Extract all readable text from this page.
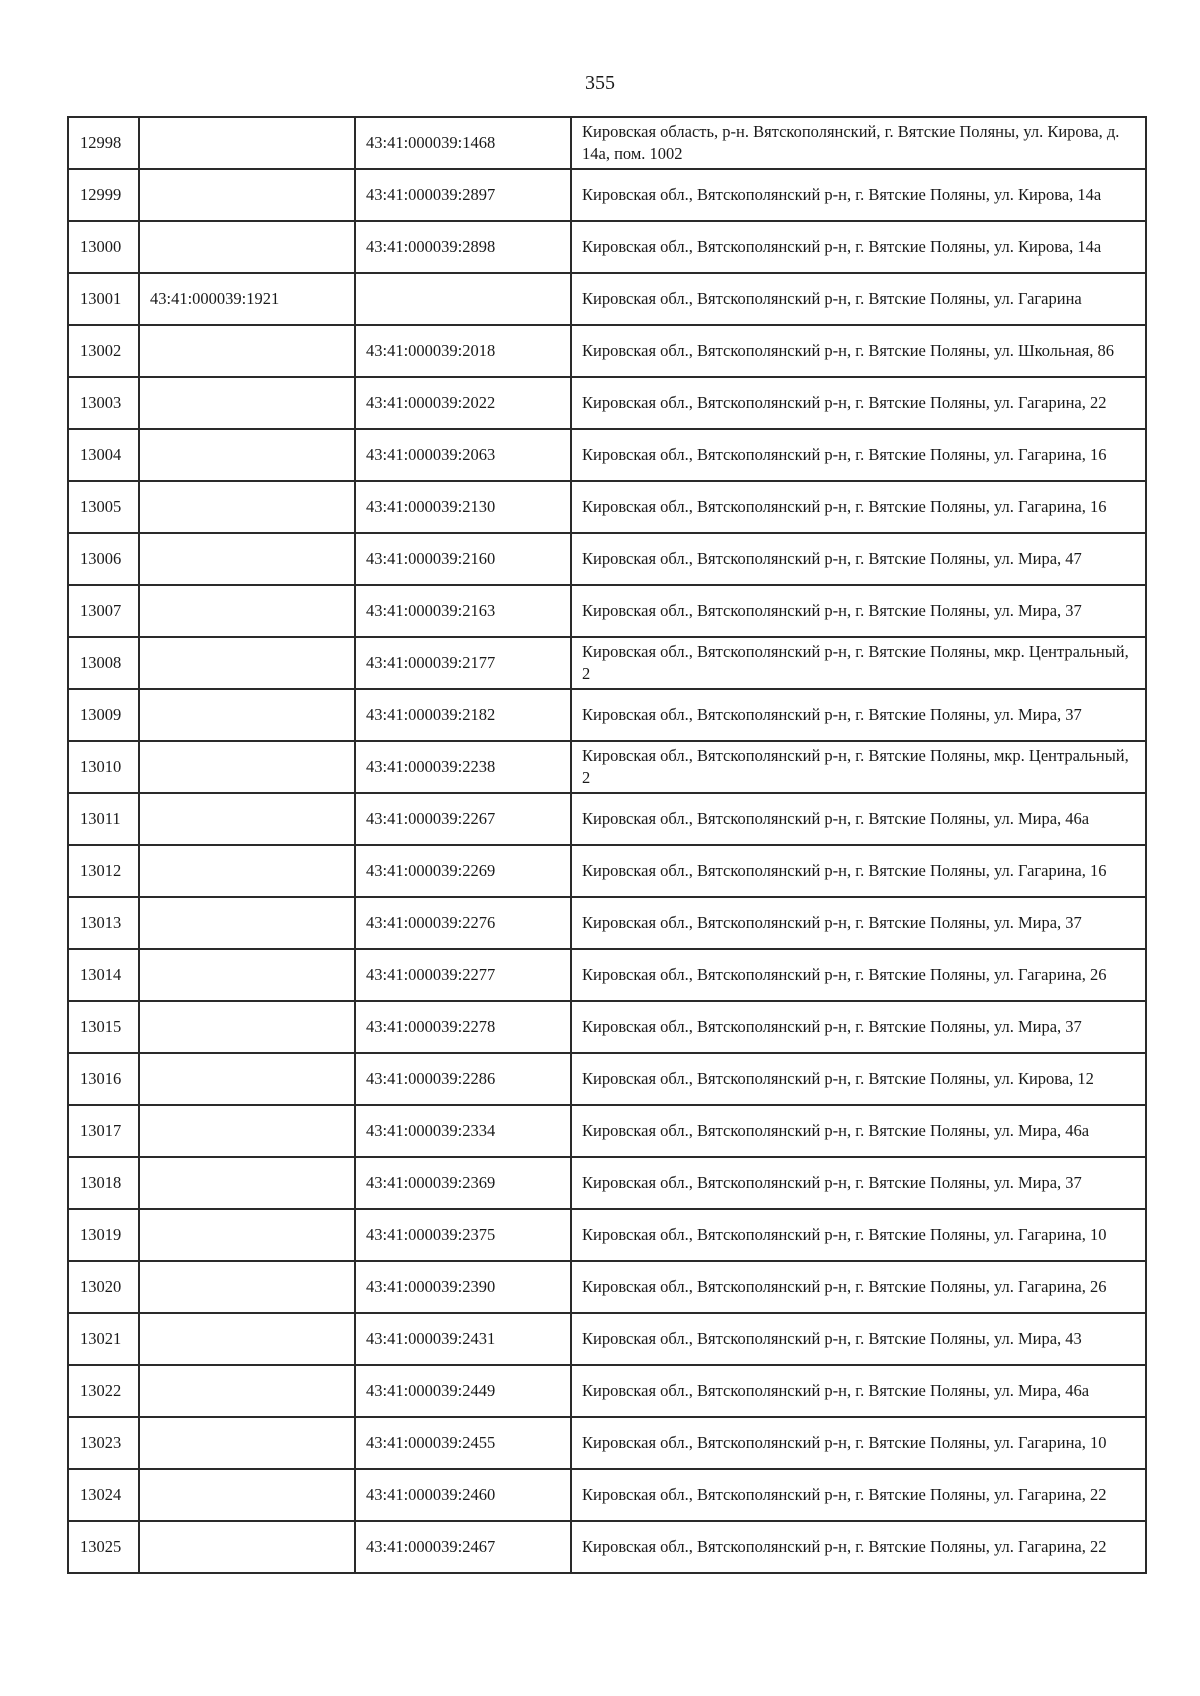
355
12998		43:41:000039:1468	Кировская область, р-н. Вятскополянский, г. Вятские Поляны, ул. Кирова, д. 14а, пом. 1002
12999		43:41:000039:2897	Кировская обл., Вятскополянский р-н, г. Вятские Поляны, ул. Кирова, 14а
13000		43:41:000039:2898	Кировская обл., Вятскополянский р-н, г. Вятские Поляны, ул. Кирова, 14а
13001	43:41:000039:1921		Кировская обл., Вятскополянский р-н, г. Вятские Поляны, ул. Гагарина
13002		43:41:000039:2018	Кировская обл., Вятскополянский р-н, г. Вятские Поляны, ул. Школьная, 86
13003		43:41:000039:2022	Кировская обл., Вятскополянский р-н, г. Вятские Поляны, ул. Гагарина, 22
13004		43:41:000039:2063	Кировская обл., Вятскополянский р-н, г. Вятские Поляны, ул. Гагарина, 16
13005		43:41:000039:2130	Кировская обл., Вятскополянский р-н, г. Вятские Поляны, ул. Гагарина, 16
13006		43:41:000039:2160	Кировская обл., Вятскополянский р-н, г. Вятские Поляны, ул. Мира, 47
13007		43:41:000039:2163	Кировская обл., Вятскополянский р-н, г. Вятские Поляны, ул. Мира, 37
13008		43:41:000039:2177	Кировская обл., Вятскополянский р-н, г. Вятские Поляны, мкр. Центральный, 2
13009		43:41:000039:2182	Кировская обл., Вятскополянский р-н, г. Вятские Поляны, ул. Мира, 37
13010		43:41:000039:2238	Кировская обл., Вятскополянский р-н, г. Вятские Поляны, мкр. Центральный, 2
13011		43:41:000039:2267	Кировская обл., Вятскополянский р-н, г. Вятские Поляны, ул. Мира, 46а
13012		43:41:000039:2269	Кировская обл., Вятскополянский р-н, г. Вятские Поляны, ул. Гагарина, 16
13013		43:41:000039:2276	Кировская обл., Вятскополянский р-н, г. Вятские Поляны, ул. Мира, 37
13014		43:41:000039:2277	Кировская обл., Вятскополянский р-н, г. Вятские Поляны, ул. Гагарина, 26
13015		43:41:000039:2278	Кировская обл., Вятскополянский р-н, г. Вятские Поляны, ул. Мира, 37
13016		43:41:000039:2286	Кировская обл., Вятскополянский р-н, г. Вятские Поляны, ул. Кирова, 12
13017		43:41:000039:2334	Кировская обл., Вятскополянский р-н, г. Вятские Поляны, ул. Мира, 46а
13018		43:41:000039:2369	Кировская обл., Вятскополянский р-н, г. Вятские Поляны, ул. Мира, 37
13019		43:41:000039:2375	Кировская обл., Вятскополянский р-н, г. Вятские Поляны, ул. Гагарина, 10
13020		43:41:000039:2390	Кировская обл., Вятскополянский р-н, г. Вятские Поляны, ул. Гагарина, 26
13021		43:41:000039:2431	Кировская обл., Вятскополянский р-н, г. Вятские Поляны, ул. Мира, 43
13022		43:41:000039:2449	Кировская обл., Вятскополянский р-н, г. Вятские Поляны, ул. Мира, 46а
13023		43:41:000039:2455	Кировская обл., Вятскополянский р-н, г. Вятские Поляны, ул. Гагарина, 10
13024		43:41:000039:2460	Кировская обл., Вятскополянский р-н, г. Вятские Поляны, ул. Гагарина, 22
13025		43:41:000039:2467	Кировская обл., Вятскополянский р-н, г. Вятские Поляны, ул. Гагарина, 22
